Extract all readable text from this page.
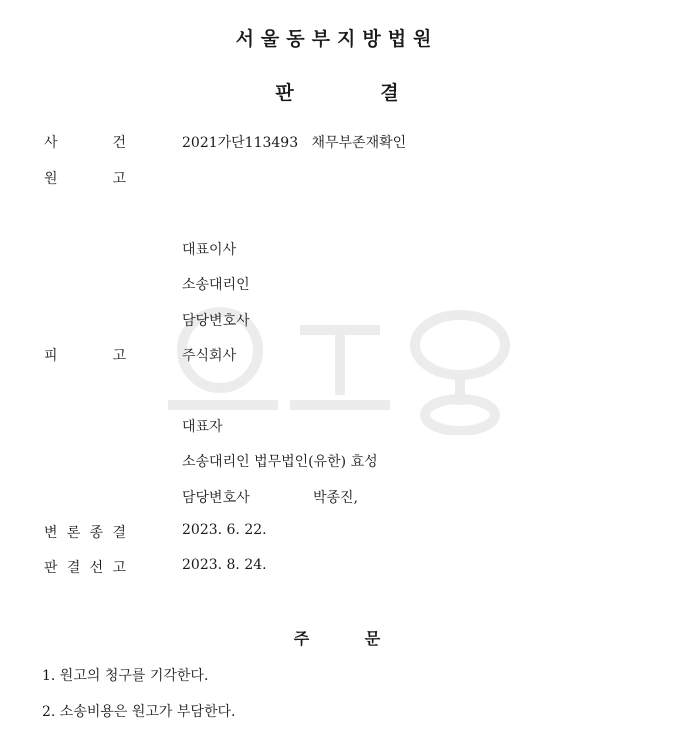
서울동부지방법원
판 결
사	건	2021가단113493 채무부존재확인
원	고
대표이사
소송대리인
담당변호사
피	고	주식회사
대표자
소송대리인 법무법인(유한) 효성
담당변호사	박종진,
변 론 종 결	2023. 6. 22.
판 결 선 고	2023. 8. 24.
주 문
1. 원고의 청구를 기각한다.
2. 소송비용은 원고가 부담한다.
